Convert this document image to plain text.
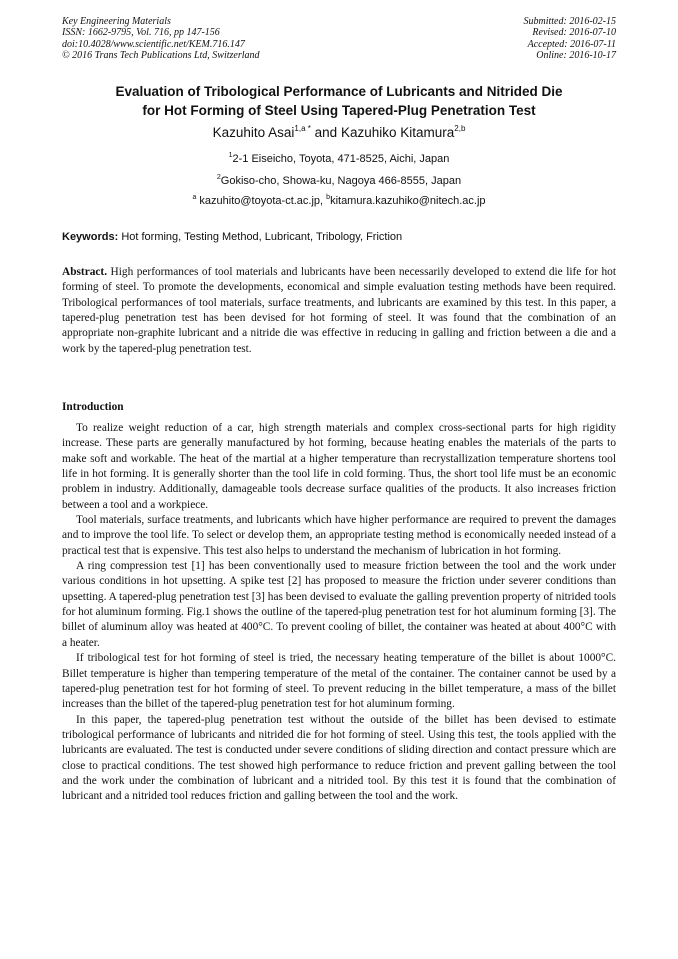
Key Engineering Materials
ISSN: 1662-9795, Vol. 716, pp 147-156
doi:10.4028/www.scientific.net/KEM.716.147
© 2016 Trans Tech Publications Ltd, Switzerland
Submitted: 2016-02-15
Revised: 2016-07-10
Accepted: 2016-07-11
Online: 2016-10-17
Evaluation of Tribological Performance of Lubricants and Nitrided Die
for Hot Forming of Steel Using Tapered-Plug Penetration Test
Kazuhito Asai$^{1,a *}$ and Kazuhiko Kitamura$^{2,b}$
$^1$2-1 Eiseicho, Toyota, 471-8525, Aichi, Japan
$^2$Gokiso-cho, Showa-ku, Nagoya 466-8555, Japan
$^a$ kazuhito@toyota-ct.ac.jp, $^b$kitamura.kazuhiko@nitech.ac.jp
Keywords: Hot forming, Testing Method, Lubricant, Tribology, Friction

Abstract. High performances of tool materials and lubricants have been necessarily developed to extend die life for hot forming of steel. To promote the developments, economical and simple evaluation testing methods have been required. Tribological performances of tool materials, surface treatments, and lubricants are examined by this test. In this paper, a tapered-plug penetration test has been devised for hot forming of steel. It was found that the combination of an appropriate non-graphite lubricant and a nitride die was effective in reducing in galling and friction between a die and a work by the tapered-plug penetration test.

Introduction

To realize weight reduction of a car, high strength materials and complex cross-sectional parts for high rigidity increase. These parts are generally manufactured by hot forming, because heating enables the materials of the parts to make soft and workable. The heat of the martial at a higher temperature than recrystallization temperature shortens tool life in hot forming. It is generally shorter than the tool life in cold forming. Thus, the short tool life must be an economic problem in industry. Additionally, damageable tools decrease surface qualities of the products. It also increases friction between a tool and a workpiece.

Tool materials, surface treatments, and lubricants which have higher performance are required to prevent the damages and to improve the tool life. To select or develop them, an appropriate testing method is economically needed instead of a practical test that is expensive. This test also helps to understand the mechanism of lubrication in hot forming.

A ring compression test [1] has been conventionally used to measure friction between the tool and the work under various conditions in hot upsetting. A spike test [2] has proposed to measure the friction under severer conditions than upsetting. A tapered-plug penetration test [3] has been devised to evaluate the galling prevention property of nitrided tools for hot aluminum forming. Fig.1 shows the outline of the tapered-plug penetration test for hot aluminum forming [3]. The billet of aluminum alloy was heated at 400°C. To prevent cooling of billet, the container was heated at about 400°C with a heater.

If tribological test for hot forming of steel is tried, the necessary heating temperature of the billet is about 1000°C. Billet temperature is higher than tempering temperature of the metal of the container. The container cannot be used by a tapered-plug penetration test for hot forming of steel. To prevent reducing in the billet temperature, a mass of the billet increases than the billet of the tapered-plug penetration test for hot aluminum forming.

In this paper, the tapered-plug penetration test without the outside of the billet has been devised to estimate tribological performance of lubricants and nitrided die for hot forming of steel. Using this test, the tools applied with the lubricants are evaluated. The test is conducted under severe conditions of sliding direction and contact pressure which are close to practical conditions. The test showed high performance to reduce friction and prevent galling between the tool and the work under the combination of lubricant and a nitrided tool. By this test it is found that the combination of lubricant and a nitrided tool reduces friction and galling between the tool and the work.
